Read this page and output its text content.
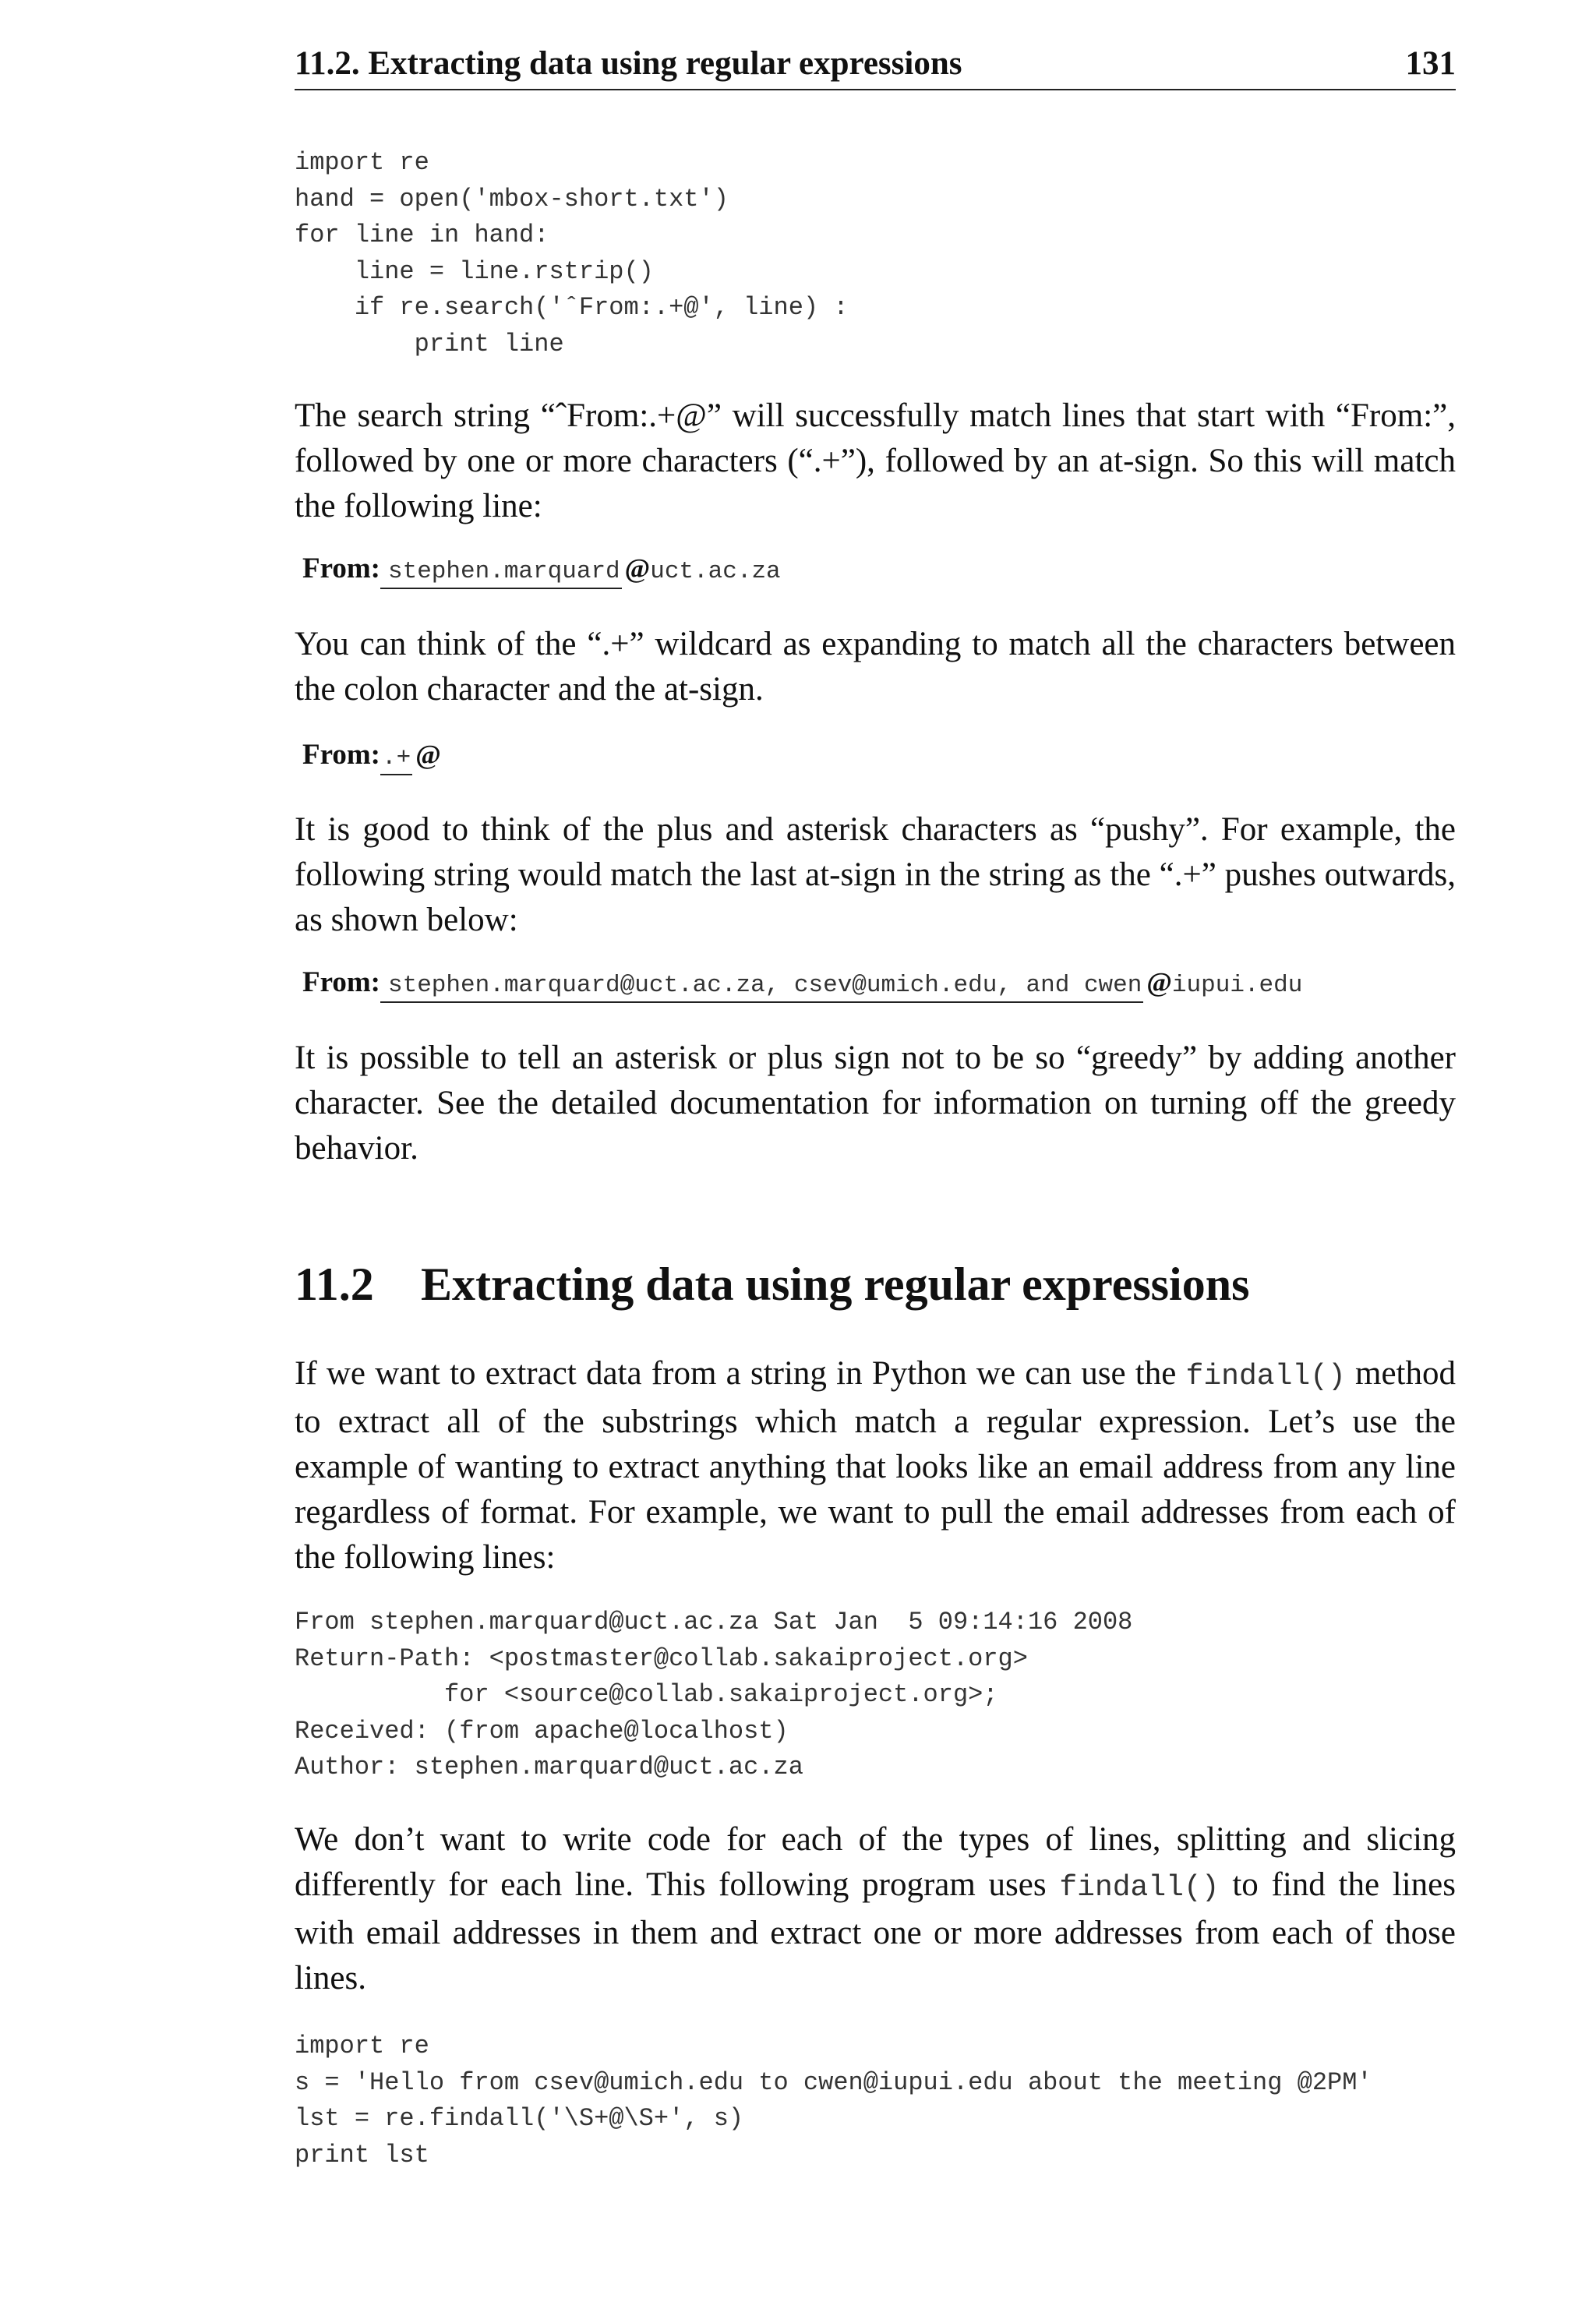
11.2. Extracting data using regular expressions	131
import re
hand = open('mbox-short.txt')
for line in hand:
line = line.rstrip()
if re.search('ˆFrom:.+@', line) :
print line

The search string “ˆFrom:.+@” will successfully match lines that start with “From:”, followed by one or more characters (“.+”), followed by an at-sign. So this will match the following line:

From: stephen.marquard @uct.ac.za

You can think of the “.+” wildcard as expanding to match all the characters between the colon character and the at-sign.

From:.+ @

It is good to think of the plus and asterisk characters as “pushy”. For example, the following string would match the last at-sign in the string as the “.+” pushes outwards, as shown below:

From: stephen.marquard@uct.ac.za, csev@umich.edu, and cwen @iupui.edu

It is possible to tell an asterisk or plus sign not to be so “greedy” by adding another character. See the detailed documentation for information on turning off the greedy behavior.

11.2 Extracting data using regular expressions

If we want to extract data from a string in Python we can use the findall() method to extract all of the substrings which match a regular expression. Let’s use the example of wanting to extract anything that looks like an email address from any line regardless of format. For example, we want to pull the email addresses from each of the following lines:

From stephen.marquard@uct.ac.za Sat Jan  5 09:14:16 2008
Return-Path: <postmaster@collab.sakaiproject.org>
for <source@collab.sakaiproject.org>;
Received: (from apache@localhost)
Author: stephen.marquard@uct.ac.za

We don’t want to write code for each of the types of lines, splitting and slicing differently for each line. This following program uses findall() to find the lines with email addresses in them and extract one or more addresses from each of those lines.

import re
s = 'Hello from csev@umich.edu to cwen@iupui.edu about the meeting @2PM'
lst = re.findall('\S+@\S+', s)
print lst
